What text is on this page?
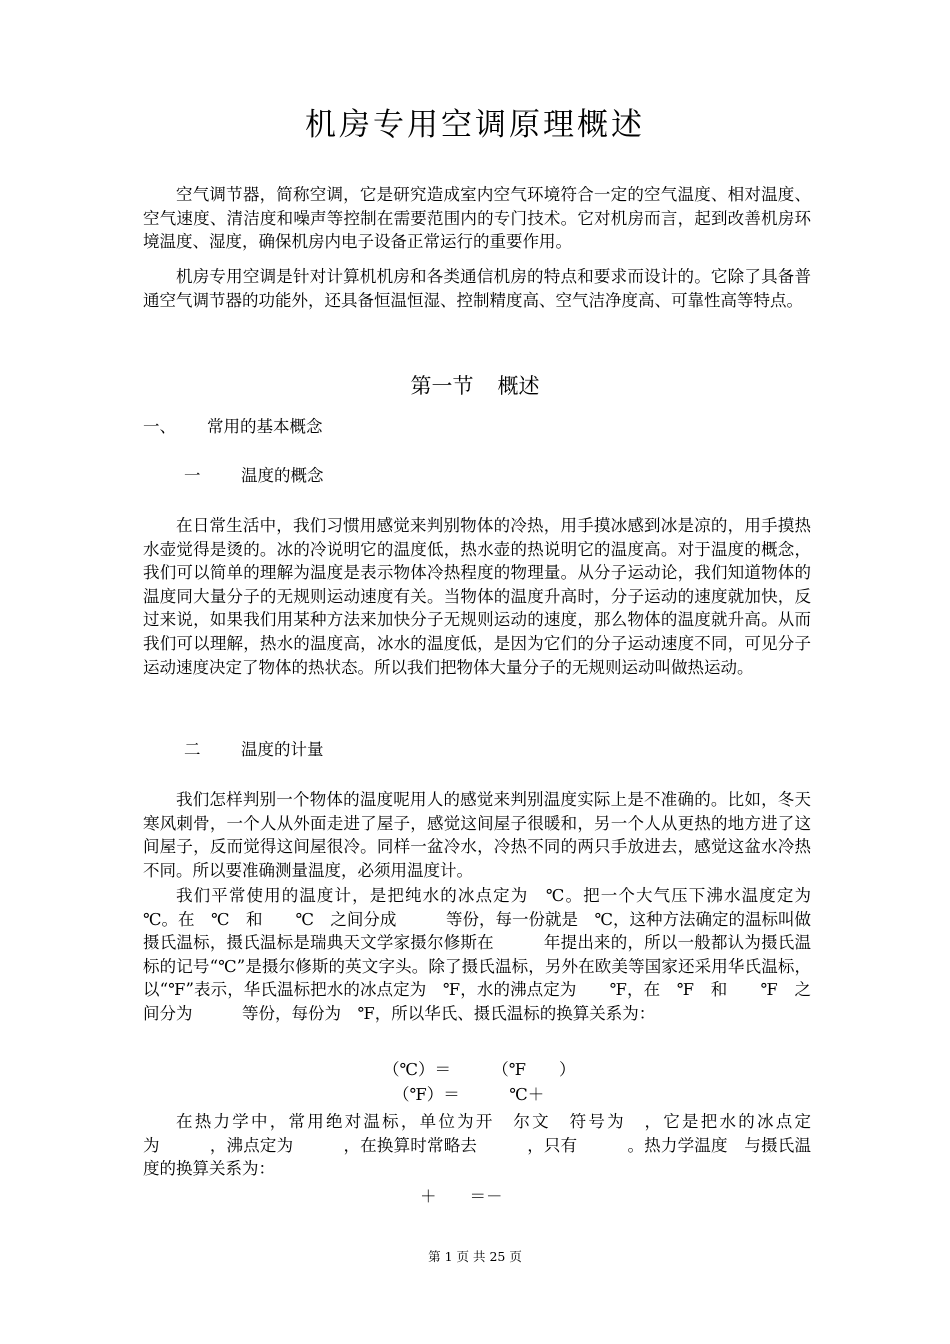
机房专用空调原理概述

空气调节器，简称空调，它是研究造成室内空气环境符合一定的空气温度、相对温度、空气速度、清洁度和噪声等控制在需要范围内的专门技术。它对机房而言，起到改善机房环境温度、湿度，确保机房内电子设备正常运行的重要作用。

机房专用空调是针对计算机机房和各类通信机房的特点和要求而设计的。它除了具备普通空气调节器的功能外，还具备恒温恒湿、控制精度高、空气洁净度高、可靠性高等特点。

第一节 概述
一、 常用的基本概念
一 温度的概念

在日常生活中，我们习惯用感觉来判别物体的冷热，用手摸冰感到冰是凉的，用手摸热水壶觉得是烫的。冰的冷说明它的温度低，热水壶的热说明它的温度高。对于温度的概念，我们可以简单的理解为温度是表示物体冷热程度的物理量。从分子运动论，我们知道物体的温度同大量分子的无规则运动速度有关。当物体的温度升高时，分子运动的速度就加快，反过来说，如果我们用某种方法来加快分子无规则运动的速度，那么物体的温度就升高。从而我们可以理解，热水的温度高，冰水的温度低，是因为它们的分子运动速度不同，可见分子运动速度决定了物体的热状态。所以我们把物体大量分子的无规则运动叫做热运动。

二 温度的计量

我们怎样判别一个物体的温度呢用人的感觉来判别温度实际上是不准确的。比如，冬天寒风刺骨，一个人从外面走进了屋子，感觉这间屋子很暖和，另一个人从更热的地方进了这间屋子，反而觉得这间屋很冷。同样一盆冷水，冷热不同的两只手放进去，感觉这盆水冷热不同。所以要准确测量温度，必须用温度计。

我们平常使用的温度计，是把纯水的冰点定为　℃。把一个大气压下沸水温度定为　　℃。在　℃　和　　℃　之间分成　　　等份，每一份就是　℃，这种方法确定的温标叫做摄氏温标，摄氏温标是瑞典天文学家摄尔修斯在　　　年提出来的，所以一般都认为摄氏温标的记号“℃”是摄尔修斯的英文字头。除了摄氏温标，另外在欧美等国家还采用华氏温标，以“℉”表示，华氏温标把水的冰点定为　℉，水的沸点定为　　℉，在　℉　和　　℉　之间分为　　　等份，每份为　℉，所以华氏、摄氏温标的换算关系为：

（℃）＝　　　（℉　　）
（℉）＝　　　℃＋

在热力学中，常用绝对温标，单位为开　尔文　符号为　，它是把水的冰点定为　　　，沸点定为　　　，在换算时常略去　　　，只有　　　。热力学温度　与摄氏温度的换算关系为：

＋　　＝－
第 1 页 共 25 页
